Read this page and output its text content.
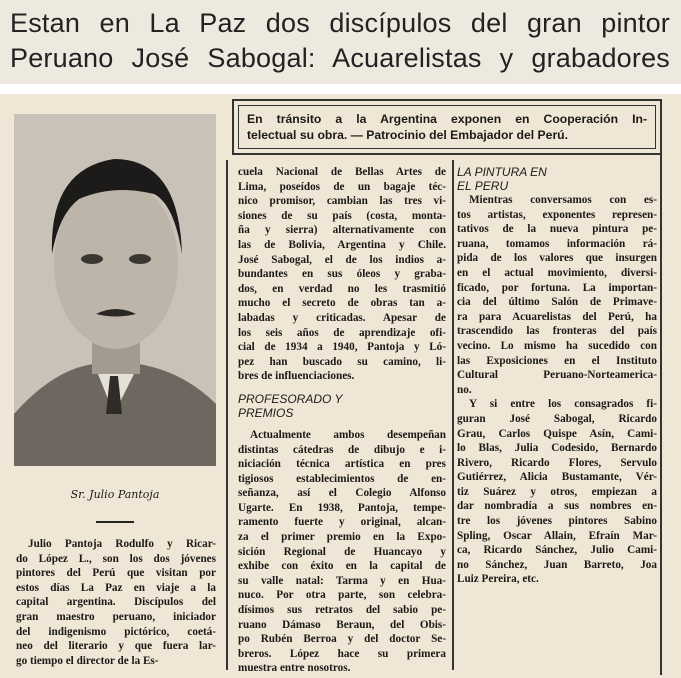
Estan en La Paz dos discípulos del gran pintor
Peruano José Sabogal: Acuarelistas y grabadores
Sr. Julio Pantoja
Julio Pantoja Rodulfo y Ricar-
do López L., son los dos jóvenes
pintores del Perú que visitan por
estos días La Paz en viaje a la
capital argentina. Discípulos del
gran maestro peruano, iniciador
del indigenismo pictórico, coetá-
neo del literario y que fuera lar-
go tiempo el director de la Es-
En tránsito a la Argentina exponen en Cooperación In-
telectual su obra. — Patrocinio del Embajador del Perú.
cuela Nacional de Bellas Artes de
Lima, poseídos de un bagaje téc-
nico promisor, cambian las tres vi-
siones de su país (costa, monta-
ña y sierra) alternativamente con
las de Bolivia, Argentina y Chile.
José Sabogal, el de los indios a-
bundantes en sus óleos y graba-
dos, en verdad no les trasmitió
mucho el secreto de obras tan a-
labadas y criticadas. Apesar de
los seis años de aprendizaje ofi-
cial de 1934 a 1940, Pantoja y Ló-
pez han buscado su camino, li-
bres de influenciaciones.
PROFESORADO Y
PREMIOS
Actualmente ambos desempeñan
distintas cátedras de dibujo e i-
niciación técnica artística en pres
tigiosos establecimientos de en-
señanza, así el Colegio Alfonso
Ugarte. En 1938, Pantoja, tempe-
ramento fuerte y original, alcan-
za el primer premio en la Expo-
sición Regional de Huancayo y
exhibe con éxito en la capital de
su valle natal: Tarma y en Hua-
nuco. Por otra parte, son celebra-
dísimos sus retratos del sabio pe-
ruano Dámaso Beraun, del Obis-
po Rubén Berroa y del doctor Se-
breros. López hace su primera
muestra entre nosotros.
LA PINTURA EN
EL PERU
Mientras conversamos con es-
tos artistas, exponentes represen-
tativos de la nueva pintura pe-
ruana, tomamos información rá-
pida de los valores que insurgen
en el actual movimiento, diversi-
ficado, por fortuna. La importan-
cia del último Salón de Primave-
ra para Acuarelistas del Perú, ha
trascendido las fronteras del país
vecino. Lo mismo ha sucedido con
las Exposiciones en el Instituto
Cultural Peruano-Norteamerica-
no.
Y si entre los consagrados fi-
guran José Sabogal, Ricardo
Grau, Carlos Quispe Asín, Cami-
lo Blas, Julia Codesido, Bernardo
Rivero, Ricardo Flores, Servulo
Gutiérrez, Alicia Bustamante, Vér-
tiz Suárez y otros, empiezan a
dar nombradía a sus nombres en-
tre los jóvenes pintores Sabino
Spling, Oscar Allain, Efraín Mar-
ca, Ricardo Sánchez, Julio Cami-
no Sánchez, Juan Barreto, Joa
Luiz Pereira, etc.
